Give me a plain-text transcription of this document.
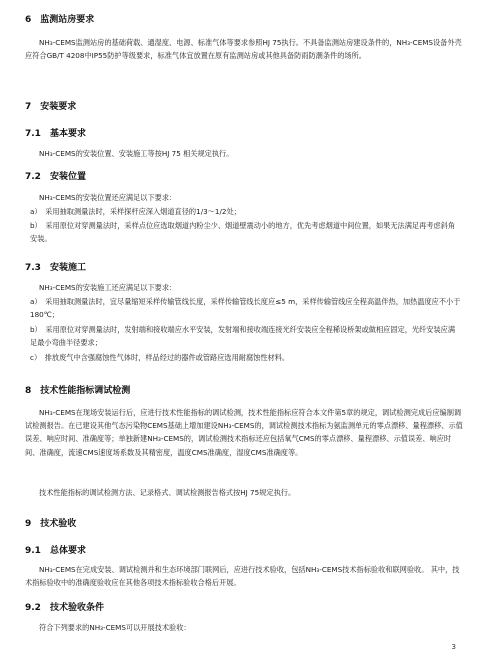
6　监测站房要求
NH₃-CEMS监测站房的基础荷载、通湿度、电源、标准气体等要求参照HJ 75执行。不具备监测站房建设条件的，NH₃-CEMS设备外壳应符合GB/T 4208中IP55防护等级要求，标准气体宜放置在原有监测站房或其他具备防雨防潮条件的场所。
7　安装要求
7.1　基本要求
NH₃-CEMS的安装位置、安装施工等按HJ 75 相关规定执行。
7.2　安装位置
NH₃-CEMS的安装位置还应满足以下要求：
a）　采用抽取测量法时，采样探杆应深入烟道直径的1/3～1/2处；
b）　采用原位对穿测量法时，采样点位应选取烟道内粉尘少、烟道壁震动小的地方，优先考虑烟道中间位置，如果无法满足再考虑斜角安装。
7.3　安装施工
NH₃-CEMS的安装施工还应满足以下要求：
a）　采用抽取测量法时，宜尽量缩短采样传输管线长度，采样传输管线长度应≤5 m，采样传输管线应全程高温伴热，加热温度应不小于180℃；
b）　采用原位对穿测量法时，发射端和接收端应水平安装，发射端和接收端连接光纤安装应全程稀设桥架或做相应固定，光纤安装应满足最小弯曲半径要求；
c）　排放废气中含强腐蚀性气体时，样品经过的器件或管路应选用耐腐蚀性材料。
8　技术性能指标调试检测
NH₃-CEMS在现场安装运行后，应进行技术性能指标的调试检测，技术性能指标应符合本文件第5章的规定，调试检测完成后应编制调试检测报告。在已建设其他气态污染物CEMS基础上增加建设NH₃-CEMS的，调试检测技术指标为氨监测单元的零点漂移、量程漂移、示值误差、响应时间、准确度等；单独新建NH₃-CEMS的，调试检测技术指标还应包括氧气CMS的零点漂移、量程漂移、示值误差、响应时间、准确度，流速CMS速度场系数及其精密度，温度CMS准确度，湿度CMS准确度等。
技术性能指标的调试检测方法、记录格式、调试检测报告格式按HJ 75规定执行。
9　技术验收
9.1　总体要求
NH₃-CEMS在完成安装、调试检测并和生态环境部门联网后，应进行技术验收，包括NH₃-CEMS技术指标验收和联网验收。 其中，技术指标验收中的准确度验收应在其他各项技术指标验收合格后开展。
9.2　技术验收条件
符合下列要求的NH₃-CEMS可以开展技术验收：
3
